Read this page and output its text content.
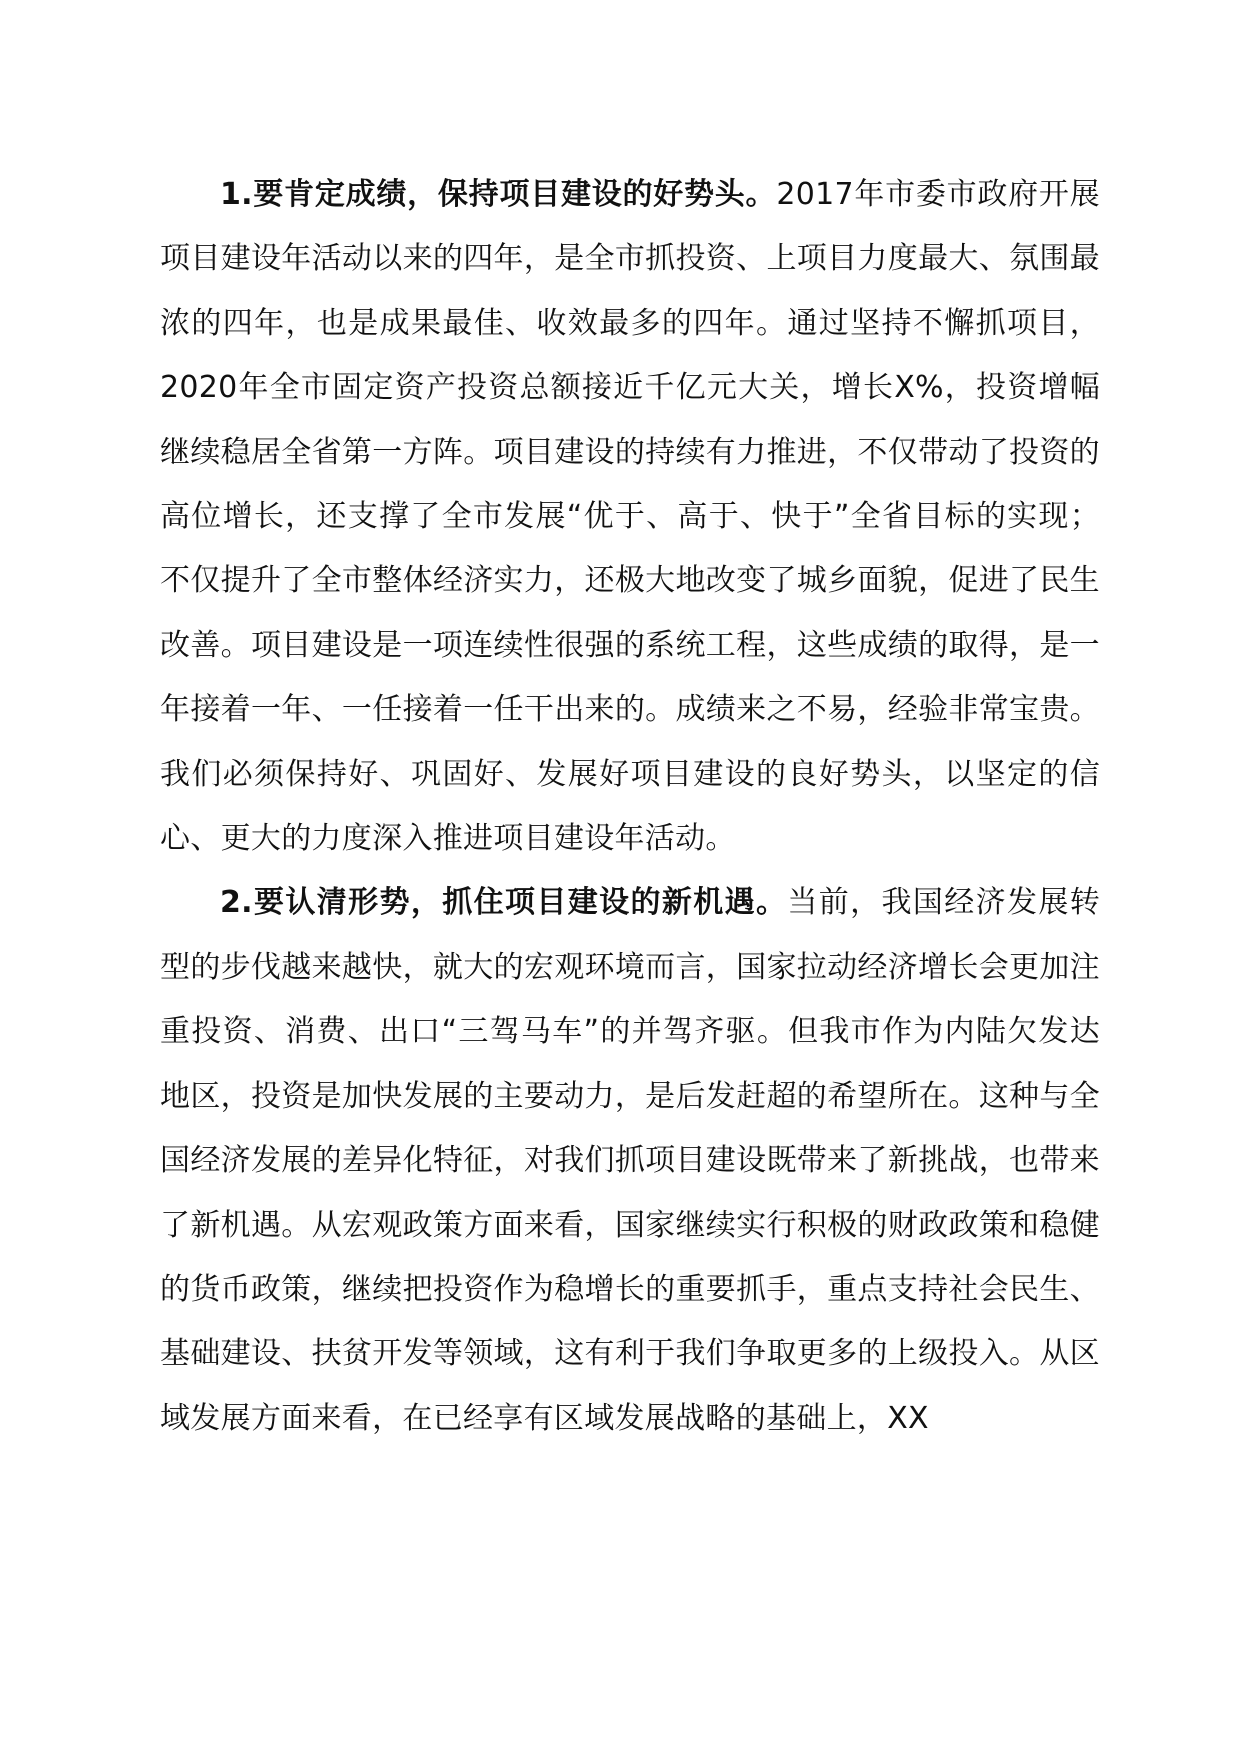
1.要肯定成绩，保持项目建设的好势头。2017年市委市政府开展项目建设年活动以来的四年，是全市抓投资、上项目力度最大、氛围最浓的四年，也是成果最佳、收效最多的四年。通过坚持不懈抓项目，2020年全市固定资产投资总额接近千亿元大关，增长X%，投资增幅继续稳居全省第一方阵。项目建设的持续有力推进，不仅带动了投资的高位增长，还支撑了全市发展“优于、高于、快于”全省目标的实现；不仅提升了全市整体经济实力，还极大地改变了城乡面貌，促进了民生改善。项目建设是一项连续性很强的系统工程，这些成绩的取得，是一年接着一年、一任接着一任干出来的。成绩来之不易，经验非常宝贵。我们必须保持好、巩固好、发展好项目建设的良好势头，以坚定的信心、更大的力度深入推进项目建设年活动。

2.要认清形势，抓住项目建设的新机遇。当前，我国经济发展转型的步伐越来越快，就大的宏观环境而言，国家拉动经济增长会更加注重投资、消费、出口“三驾马车”的并驾齐驱。但我市作为内陆欠发达地区，投资是加快发展的主要动力，是后发赶超的希望所在。这种与全国经济发展的差异化特征，对我们抓项目建设既带来了新挑战，也带来了新机遇。从宏观政策方面来看，国家继续实行积极的财政政策和稳健的货币政策，继续把投资作为稳增长的重要抓手，重点支持社会民生、基础建设、扶贫开发等领域，这有利于我们争取更多的上级投入。从区域发展方面来看，在已经享有区域发展战略的基础上，XX
